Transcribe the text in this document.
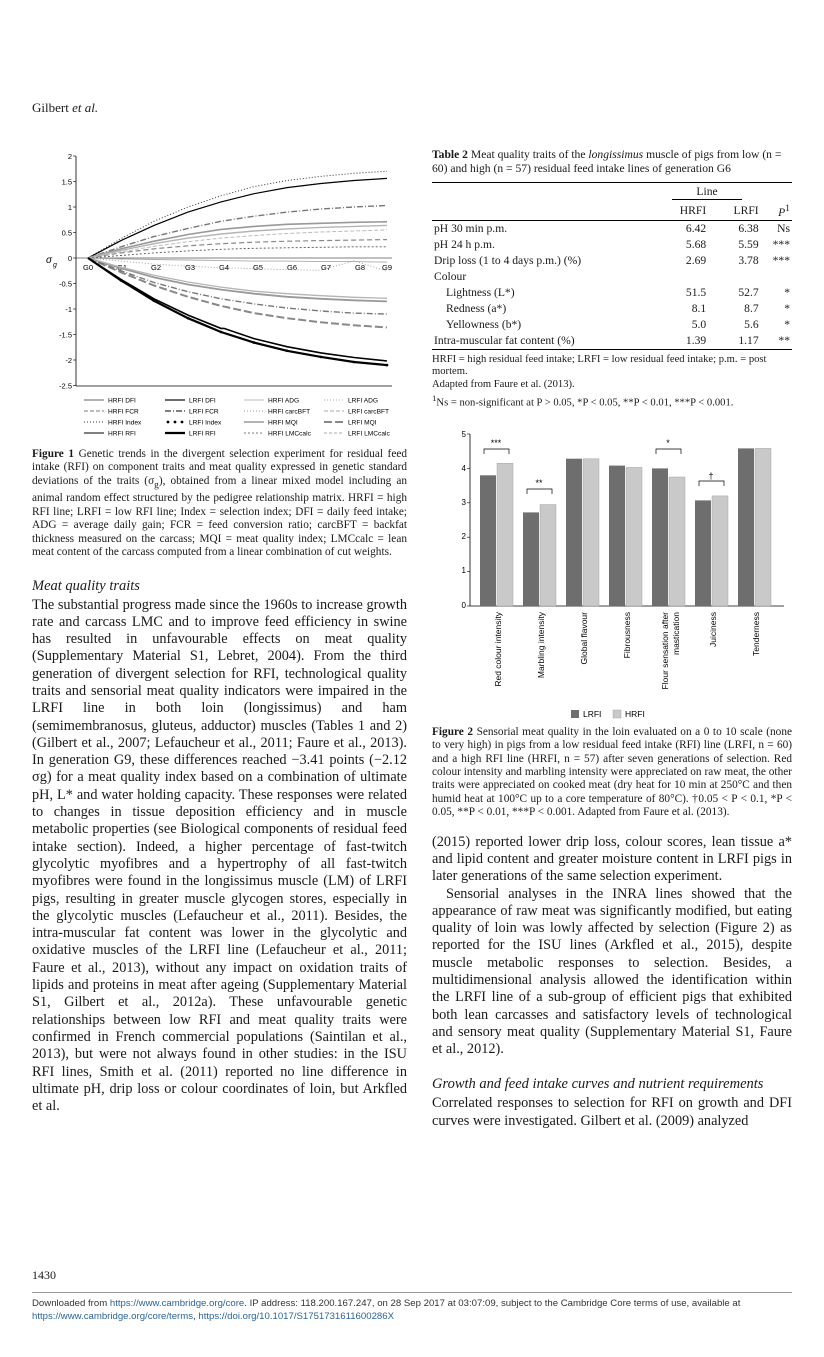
Gilbert et al.
2
1.5
1
0.5
0
-0.5
-1
-1.5
-2
-2.5
σ g	G0	G1	G2	G3	G4	G5	G6	G7	G8 G9
HRFI DFI	LRFI DFI	HRFI ADG	LRFI ADG
HRFI FCR	LRFI FCR	HRFI carcBFT	LRFI carcBFT
HRFI Index	LRFI Index	HRFI MQI	LRFI MQI
HRFI RFI	LRFI RFI	HRFI LMCcalc	LRFI LMCcalc
Figure 1 Genetic trends in the divergent selection experiment for residual feed intake (RFI) on component traits and meat quality expressed in genetic standard deviations of the traits $(\sigma_g)$, obtained from a linear mixed model including an animal random effect structured by the pedigree relationship matrix. HRFI = high RFI line; LRFI = low RFI line; Index = selection index; DFI = daily feed intake; ADG = average daily gain; FCR = feed conversion ratio; carcBFT = backfat thickness measured on the carcass; MQI = meat quality index; LMCcalc = lean meat content of the carcass computed from a linear combination of cut weights.
Meat quality traits
The substantial progress made since the 1960s to increase growth rate and carcass LMC and to improve feed efficiency in swine has resulted in unfavourable effects on meat quality (Supplementary Material S1, Lebret, 2004). From the third generation of divergent selection for RFI, technological quality traits and sensorial meat quality indicators were impaired in the LRFI line in both loin (longissimus) and ham (semimembranosus, gluteus, adductor) muscles (Tables 1 and 2) (Gilbert et al., 2007; Lefaucheur et al., 2011; Faure et al., 2013). In generation G9, these differences reached −3.41 points (−2.12 σg) for a meat quality index based on a combination of ultimate pH, L* and water holding capacity. These responses were related to changes in tissue deposition efficiency and in muscle metabolic properties (see Biological components of residual feed intake section). Indeed, a higher percentage of fast-twitch glycolytic myofibres and a hypertrophy of all fast-twitch myofibres were found in the longissimus muscle (LM) of LRFI pigs, resulting in greater muscle glycogen stores, especially in the glycolytic muscles (Lefaucheur et al., 2011). Besides, the intra-muscular fat content was lower in the glycolytic and oxidative muscles of the LRFI line (Lefaucheur et al., 2011; Faure et al., 2013), without any impact on oxidation traits of lipids and proteins in meat after ageing (Supplementary Material S1, Gilbert et al., 2012a). These unfavourable genetic relationships between low RFI and meat quality traits were confirmed in French commercial populations (Saintilan et al., 2013), but were not always found in other studies: in the ISU RFI lines, Smith et al. (2011) reported no line difference in ultimate pH, drip loss or colour coordinates of loin, but Arkfled et al.
Table 2 Meat quality traits of the longissimus muscle of pigs from low (n = 60) and high (n = 57) residual feed intake lines of generation G6
	Line		
	HRFI	LRFI	$P^1$
pH 30 min p.m.	6.42	6.38	Ns
pH 24 h p.m.	5.68	5.59	***
Drip loss (1 to 4 days p.m.) (%)	2.69	3.78	***
Colour			
Lightness (L*)	51.5	52.7	*
Redness (a*)	8.1	8.7	*
Yellowness (b*)	5.0	5.6	*
Intra-muscular fat content (%)	1.39	1.17	**
HRFI = high residual feed intake; LRFI = low residual feed intake; p.m. = post mortem.
Adapted from Faure et al. (2013).
$^1$Ns = non-significant at P > 0.05, *P < 0.05, **P < 0.01, ***P < 0.001.
5
4
3
2
1
0
***
**
*
†
Red colour intensity	Marbling intensity	Global flavour	Fibrousness	Flour sensation after mastication	Juiciness	Tenderness
LRFI	HRFI
Figure 2 Sensorial meat quality in the loin evaluated on a 0 to 10 scale (none to very high) in pigs from a low residual feed intake (RFI) line (LRFI, n = 60) and a high RFI line (HRFI, n = 57) after seven generations of selection. Red colour intensity and marbling intensity were appreciated on raw meat, the other traits were appreciated on cooked meat (dry heat for 10 min at 250°C and then humid heat at 100°C up to a core temperature of 80°C). †0.05 < P < 0.1, *P < 0.05, **P < 0.01, ***P < 0.001. Adapted from Faure et al. (2013).
(2015) reported lower drip loss, colour scores, lean tissue a* and lipid content and greater moisture content in LRFI pigs in later generations of the same selection experiment.
Sensorial analyses in the INRA lines showed that the appearance of raw meat was significantly modified, but eating quality of loin was lowly affected by selection (Figure 2) as reported for the ISU lines (Arkfled et al., 2015), despite muscle metabolic responses to selection. Besides, a multidimensional analysis allowed the identification within the LRFI line of a sub-group of efficient pigs that exhibited both lean carcasses and satisfactory levels of technological and sensory meat quality (Supplementary Material S1, Faure et al., 2012).
Growth and feed intake curves and nutrient requirements
Correlated responses to selection for RFI on growth and DFI curves were investigated. Gilbert et al. (2009) analyzed
1430
Downloaded from https://www.cambridge.org/core. IP address: 118.200.167.247, on 28 Sep 2017 at 03:07:09, subject to the Cambridge Core terms of use, available at
https://www.cambridge.org/core/terms, https://doi.org/10.1017/S1751731611600286X
